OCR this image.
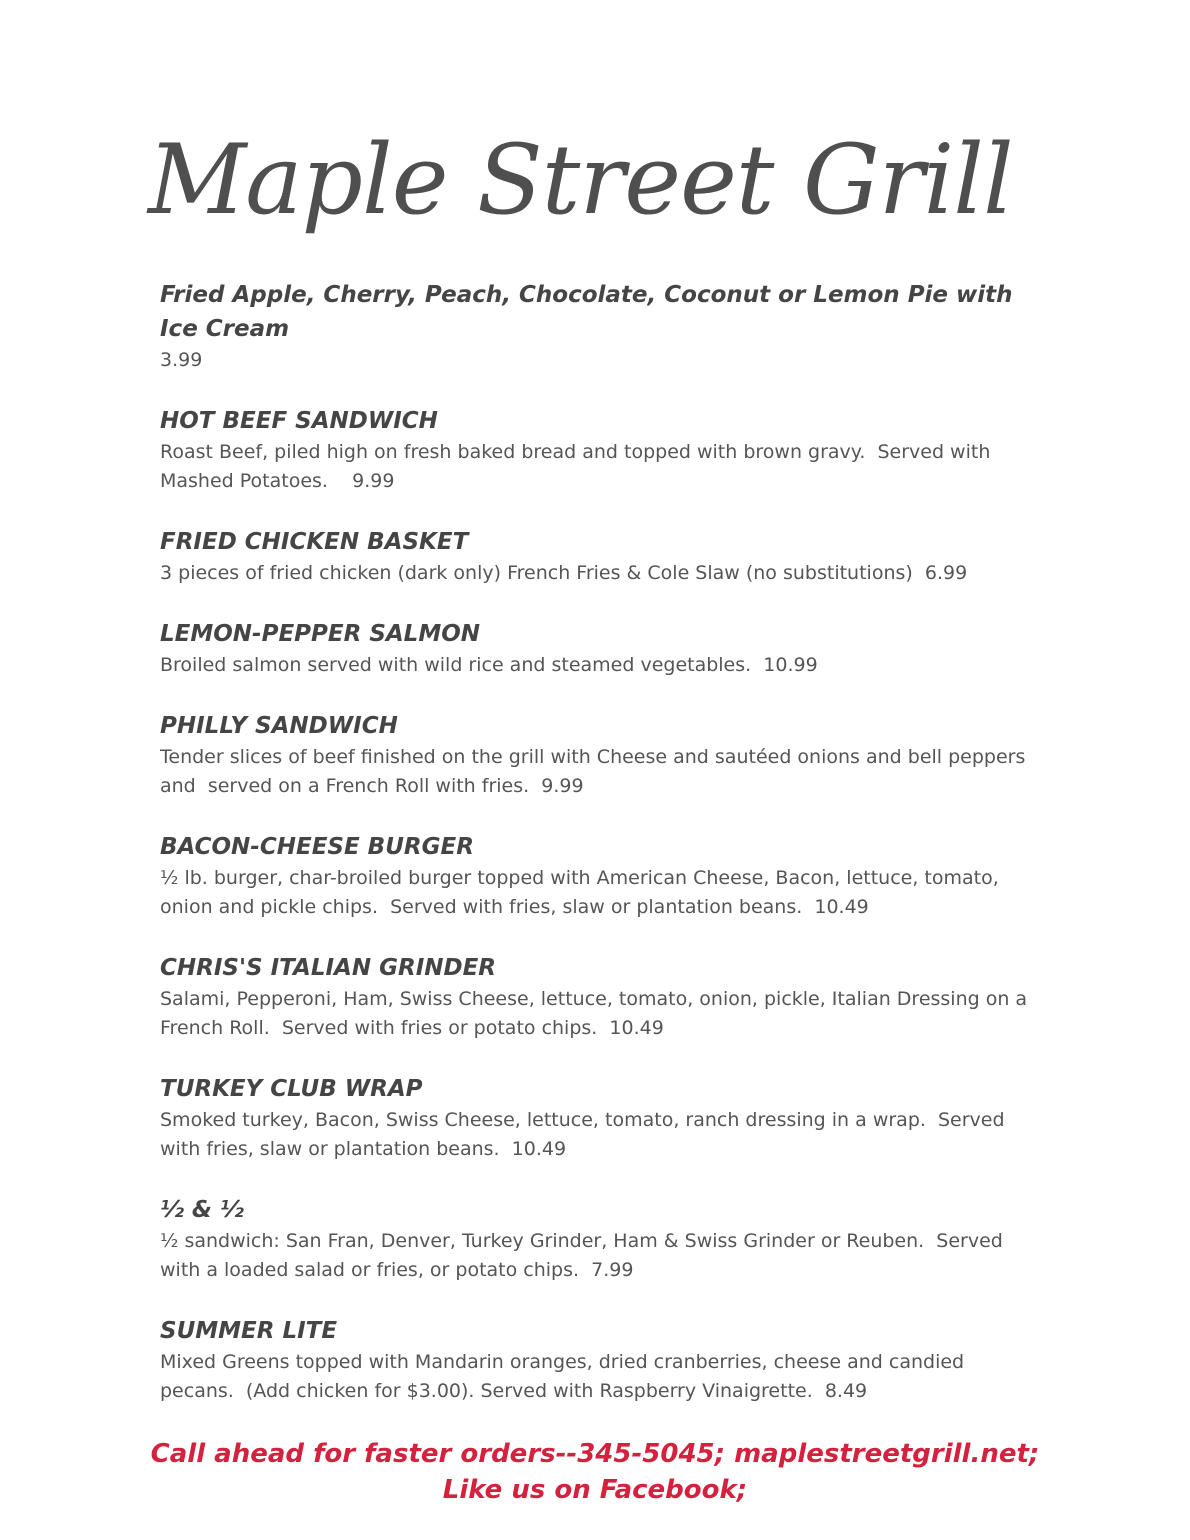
Maple Street Grill

Fried Apple, Cherry, Peach, Chocolate, Coconut or Lemon Pie with Ice Cream

3.99

HOT BEEF SANDWICH

Roast Beef, piled high on fresh baked bread and topped with brown gravy.  Served with Mashed Potatoes.    9.99

FRIED CHICKEN BASKET

3 pieces of fried chicken (dark only) French Fries & Cole Slaw (no substitutions)  6.99

LEMON-PEPPER SALMON

Broiled salmon served with wild rice and steamed vegetables.  10.99

PHILLY SANDWICH

Tender slices of beef finished on the grill with Cheese and sautéed onions and bell peppers and  served on a French Roll with fries.  9.99

BACON-CHEESE BURGER

½ lb. burger, char-broiled burger topped with American Cheese, Bacon, lettuce, tomato, onion and pickle chips.  Served with fries, slaw or plantation beans.  10.49

CHRIS'S ITALIAN GRINDER

Salami, Pepperoni, Ham, Swiss Cheese, lettuce, tomato, onion, pickle, Italian Dressing on a French Roll.  Served with fries or potato chips.  10.49

TURKEY CLUB WRAP

Smoked turkey, Bacon, Swiss Cheese, lettuce, tomato, ranch dressing in a wrap.  Served with fries, slaw or plantation beans.  10.49

½ & ½

½ sandwich: San Fran, Denver, Turkey Grinder, Ham & Swiss Grinder or Reuben.  Served with a loaded salad or fries, or potato chips.  7.99

SUMMER LITE

Mixed Greens topped with Mandarin oranges, dried cranberries, cheese and candied pecans.  (Add chicken for $3.00). Served with Raspberry Vinaigrette.  8.49

Call ahead for faster orders--345-5045; maplestreetgrill.net;
Like us on Facebook;
